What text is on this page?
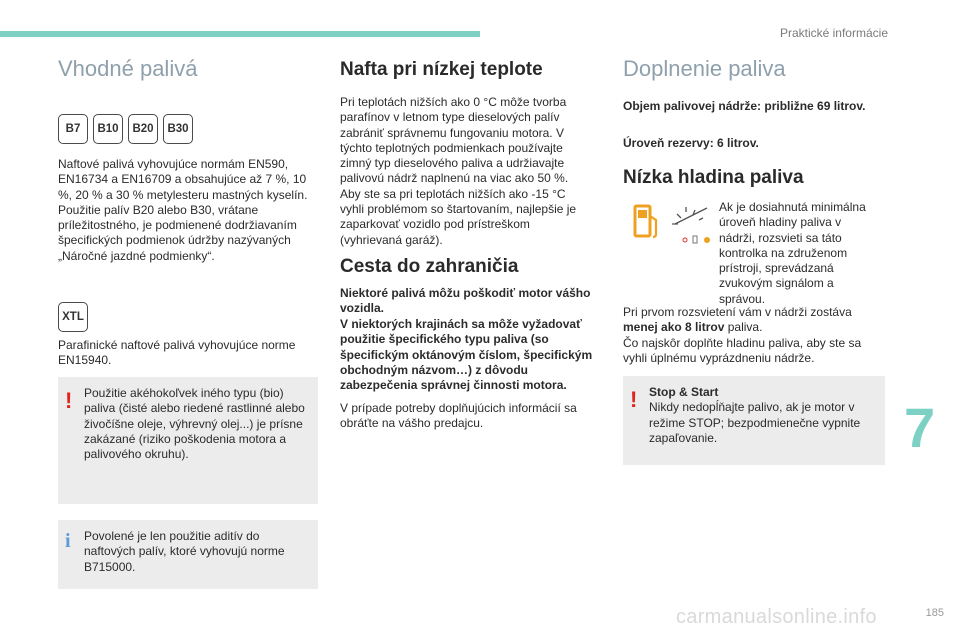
Praktické informácie
Vhodné palivá
B7	B10	B20	B30

Naftové palivá vyhovujúce normám EN590, EN16734 a EN16709 a obsahujúce až 7 %, 10 %, 20 % a 30 % metylesteru mastných kyselín. Použitie palív B20 alebo B30, vrátane príležitostného, je podmienené dodržiavaním špecifických podmienok údržby nazývaných „Náročné jazdné podmienky“.

XTL

Parafinické naftové palivá vyhovujúce norme EN15940.

! Použitie akéhokoľvek iného typu (bio) paliva (čisté alebo riedené rastlinné alebo živočíšne oleje, výhrevný olej...) je prísne zakázané (riziko poškodenia motora a palivového okruhu).

i Povolené je len použitie aditív do naftových palív, ktoré vyhovujú norme B715000.

Nafta pri nízkej teplote

Pri teplotách nižších ako 0 °C môže tvorba parafínov v letnom type dieselových palív zabrániť správnemu fungovaniu motora. V týchto teplotných podmienkach používajte zimný typ dieselového paliva a udržiavajte palivovú nádrž naplnenú na viac ako 50 %. Aby ste sa pri teplotách nižších ako -15 °C vyhli problémom so štartovaním, najlepšie je zaparkovať vozidlo pod prístreškom (vyhrievaná garáž).

Cesta do zahraničia

Niektoré palivá môžu poškodiť motor vášho vozidla.

V niektorých krajinách sa môže vyžadovať použitie špecifického typu paliva (so špecifickým oktánovým číslom, špecifickým obchodným názvom…) z dôvodu zabezpečenia správnej činnosti motora.

V prípade potreby doplňujúcich informácií sa obráťte na vášho predajcu.

Doplnenie paliva

Objem palivovej nádrže: približne 69 litrov.

Úroveň rezervy: 6 litrov.

Nízka hladina paliva

Ak je dosiahnutá minimálna úroveň hladiny paliva v nádrži, rozsvieti sa táto kontrolka na združenom prístroji, sprevádzaná zvukovým signálom a správou.

Pri prvom rozsvietení vám v nádrži zostáva menej ako 8 litrov paliva.
Čo najskôr doplňte hladinu paliva, aby ste sa vyhli úplnému vyprázdneniu nádrže.

! Stop & Start

Nikdy nedopĺňajte palivo, ak je motor v režime STOP; bezpodmienečne vypnite zapaľovanie.	7
carmanualsonline.info	185
